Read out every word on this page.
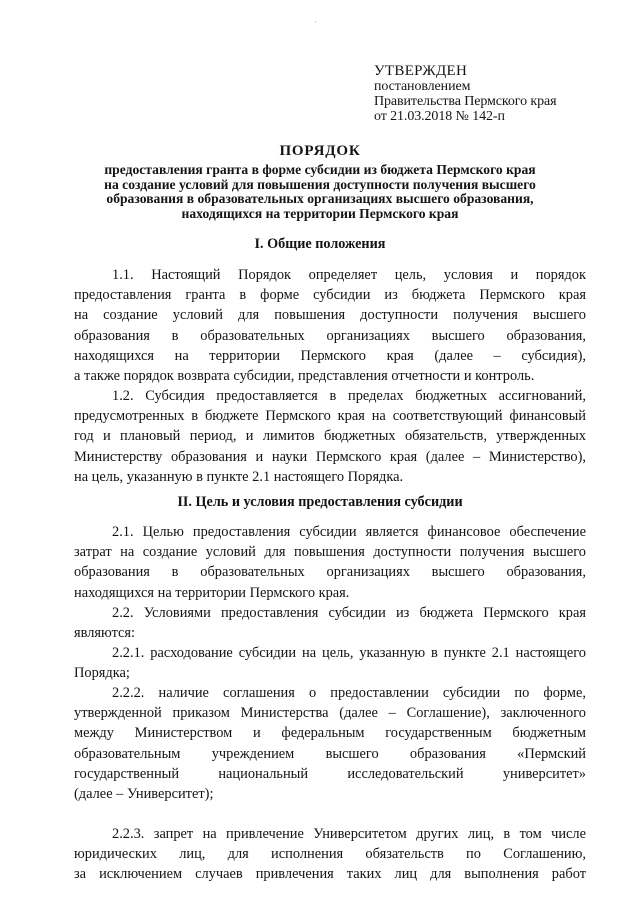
·
УТВЕРЖДЕН
постановлением
Правительства Пермского края
от 21.03.2018 № 142-п
ПОРЯДОК
предоставления гранта в форме субсидии из бюджета Пермского края
на создание условий для повышения доступности получения высшего
образования в образовательных организациях высшего образования,
находящихся на территории Пермского края
I. Общие положения
1.1. Настоящий Порядок определяет цель, условия и порядок
предоставления гранта в форме субсидии из бюджета Пермского края
на создание условий для повышения доступности получения высшего
образования в образовательных организациях высшего образования,
находящихся на территории Пермского края (далее – субсидия),
а также порядок возврата субсидии, представления отчетности и контроль.
1.2. Субсидия предоставляется в пределах бюджетных ассигнований,
предусмотренных в бюджете Пермского края на соответствующий финансовый
год и плановый период, и лимитов бюджетных обязательств, утвержденных
Министерству образования и науки Пермского края (далее – Министерство),
на цель, указанную в пункте 2.1 настоящего Порядка.
II. Цель и условия предоставления субсидии
2.1. Целью предоставления субсидии является финансовое обеспечение
затрат на создание условий для повышения доступности получения высшего
образования в образовательных организациях высшего образования,
находящихся на территории Пермского края.
2.2. Условиями предоставления субсидии из бюджета Пермского края
являются:
2.2.1. расходование субсидии на цель, указанную в пункте 2.1 настоящего
Порядка;
2.2.2. наличие соглашения о предоставлении субсидии по форме,
утвержденной приказом Министерства (далее – Соглашение), заключенного
между Министерством и федеральным государственным бюджетным
образовательным учреждением высшего образования «Пермский
государственный национальный исследовательский университет»
(далее – Университет);
2.2.3. запрет на привлечение Университетом других лиц, в том числе
юридических лиц, для исполнения обязательств по Соглашению,
за исключением случаев привлечения таких лиц для выполнения работ
